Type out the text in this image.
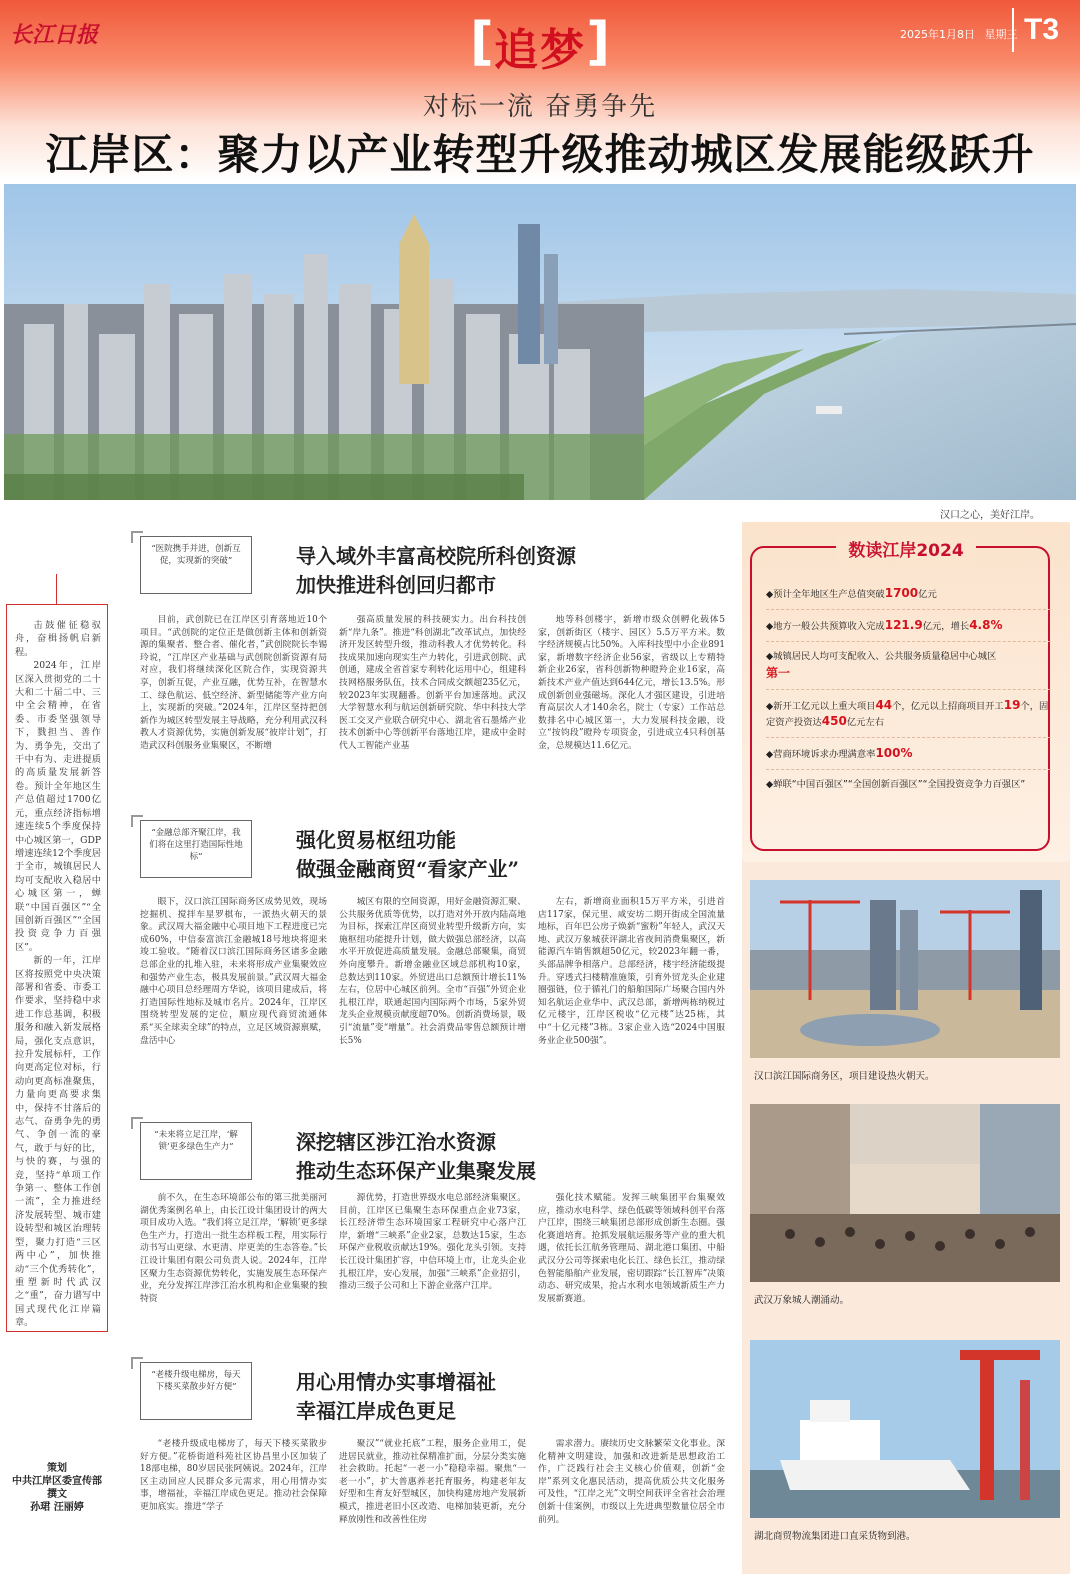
长江日报	[ 追梦 ]	2025年1月8日 星期三 T3
对标一流 奋勇争先
江岸区：聚力以产业转型升级推动城区发展能级跃升
汉口之心，美好江岸。

击鼓催征稳驭舟，奋楫扬帆启新程。

2024年，江岸区深入贯彻党的二十大和二十届二中、三中全会精神，在省委、市委坚强领导下，戮担当、善作为、勇争先，交出了干中有为、走进提质的高质量发展新答卷。预计全年地区生产总值超过1700亿元，重点经济指标增速连续5个季度保持中心城区第一，GDP增速连续12个季度居于全市，城镇居民人均可支配收入稳居中心城区第一，蝉联“中国百强区”“全国创新百强区”“全国投资竞争力百强区”。

新的一年，江岸区将按照党中央决策部署和省委、市委工作要求，坚持稳中求进工作总基调，积极服务和融入新发展格局，强化支点意识，拉升发展标杆，工作向更高定位对标，行动向更高标准聚焦，力量向更高要求集中，保持不甘落后的志气、奋勇争先的勇气、争创一流的豪气，敢于与好的比，与快的赛，与强的竞，坚持“单项工作争第一、整体工作创一流”，全力推进经济发展转型、城市建设转型和城区治理转型，聚力打造“三区两中心”，加快推动“三个优秀转化”，重塑新时代武汉之“重”，奋力谱写中国式现代化江岸篇章。

策划
中共江岸区委宣传部
撰文
孙珺 汪丽婷
“医院携手并进，创新互促，实现新的突破”	导入域外丰富高校院所科创资源
加快推进科创回归都市

目前，武创院已在江岸区引育落地近10个项目。“武创院的定位正是做创新主体和创新资源的集聚者、整合者、催化者，”武创院院长李锡玲说，“江岸区产业基础与武创院创新资源有局对应，我们将继续深化区院合作，实现资源共享，创新互促，产业互融，优势互补，在智慧水工、绿色航运、低空经济、新型储能等产业方向上，实现新的突破。”2024年，江岸区坚持把创新作为城区转型发展主导战略，充分利用武汉科教人才资源优势，实施创新发展“彼岸计划”，打造武汉科创服务业集聚区，不断增

强高质量发展的科技硬实力。出台科技创新“岸九条”。推进“科创湖北”改革试点，加快经济开发区转型升级，推动科教人才优势转化。科技成果加速向现实生产力转化，引进武创院、武创通，建成全省首家专利转化运用中心，组建科技网格服务队伍，技术合同成交额超235亿元，较2023年实现翻番。创新平台加速落地。武汉大学智慧水利与航运创新研究院、华中科技大学医工交叉产业联合研究中心、湖北省石墨烯产业技术创新中心等创新平台落地江岸，建成中金时代人工智能产业基

地等科创楼宇，新增市级众创孵化载体5家，创新街区（楼宇、园区）5.5万平方米。数字经济规模占比50%。入库科技型中小企业891家，新增数字经济企业56家，省级以上专精特新企业26家，省科创新物种瞪羚企业16家，高新技术产业产值达到644亿元，增长13.5%。形成创新创业强磁场。深化人才强区建设，引进培育高层次人才140余名，院士（专家）工作站总数排名中心城区第一，大力发展科技金融，设立“按钧段”瞪羚专项资金，引进成立4只科创基金，总规模达11.6亿元。

“金融总部齐聚江岸，我们将在这里打造国际性地标”
强化贸易枢纽功能
做强金融商贸“看家产业”

眼下，汉口滨江国际商务区成势见效，现场挖掘机、搅拌车星罗棋布，一派热火朝天的景象。武汉周大福金融中心项目地下工程进度已完成60%，中信泰富滨江金融城18号地块将迎来竣工验收。“随着汉口滨江国际商务区诸多金融总部企业的扎堆入驻，未来将形成产业集聚效应和强势产业生态，极具发展前景。”武汉周大福金融中心项目总经理周方华说，该项目建成后，将打造国际性地标及城市名片。2024年，江岸区围绕转型发展的定位，顺应现代商贸流通体系“买全球卖全球”的特点，立足区域资源禀赋，盘活中心

城区有限的空间资源，用好金融资源汇聚、公共服务优质等优势，以打造对外开放内陆高地为目标，探索江岸区商贸业转型升级新方向，实施枢纽功能提升计划，做大做强总部经济，以高水平开放促进高质量发展。金融总部聚集，商贸外向度攀升。新增金融业区域总部机构10家，总数达到110家。外贸进出口总额预计增长11%左右，位居中心城区前列。全市“百强”外贸企业扎根江岸，联通起国内国际两个市场，5家外贸龙头企业规模贡献度超70%。创新消费场景，吸引“流量”变“增量”。社会消费品零售总额预计增长5%

左右，新增商业面积15万平方米，引进首店117家，保元里、咸安坊二期开街成全国流量地标，百年巴公房子焕新“蜜粉”年轻人，武汉天地、武汉万象城获评湖北省夜间消费集聚区，新能源汽车销售额超50亿元，较2023年翻一番，头部品牌争相落户。总部经济，楼宇经济能级提升。穿透式扫楼精准施策，引育外贸龙头企业建圈强链，位于循礼门的船舶国际广场聚合国内外知名航运企业华中、武汉总部，新增两栋纳税过亿元楼宇，江岸区税收“亿元楼”达25栋，其中“十亿元楼”3栋。3家企业入选“2024中国服务业企业500强”。

“未来将立足江岸，‘解锁’更多绿色生产力”	深挖辖区涉江治水资源
推动生态环保产业集聚发展

前不久，在生态环境部公布的第三批美丽河湖优秀案例名单上，由长江设计集团设计的两大项目成功入选。“我们将立足江岸，‘解锁’更多绿色生产力，打造出一批生态样板工程，用实际行动书写山更绿、水更清、岸更美的生态答卷。”长江设计集团有限公司负责人说。2024年，江岸区聚力生态资源优势转化，实施发展生态环保产业，充分发挥江岸涉江治水机构和企业集聚的独特资

源优势，打造世界级水电总部经济集聚区。目前，江岸区已集聚生态环保重点企业73家，长江经济带生态环境国家工程研究中心落户江岸，新增“三峡系”企业2家，总数达15家，生态环保产业税收贡献达19%。强化龙头引领。支持长江设计集团扩容，中信环境上市，让龙头企业扎根江岸，安心发展，加强“三峡系”企业招引，推动三级子公司和上下游企业落户江岸。

强化技术赋能。发挥三峡集团平台集聚效应，推动水电科学、绿色低碳等领域科创平台落户江岸，围绕三峡集团总部形成创新生态圈。强化赛道培育。抢抓发展航运服务等产业的重大机遇，依托长江航务管理局、湖北港口集团、中船武汉分公司等探索电化长江、绿色长江，推动绿色智能船舶产业发展，密切跟踪“长江智库”决策动态、研究成果，抢占水利水电领域新质生产力发展新赛道。

“老楼升级电梯房，每天下楼买菜散步好方便”	用心用情办实事增福祉
幸福江岸成色更足

“老楼升级成电梯房了，每天下楼买菜散步好方便。”花桥街道科苑社区协昌里小区加装了18部电梯，80岁居民张阿姨说。2024年，江岸区主动回应人民群众多元需求，用心用情办实事，增福祉，幸福江岸成色更足。推动社会保障更加底实。推进“学子

聚汉”“就业托底”工程，服务企业用工，促进居民就业，推动社保精准扩面，分层分类实施社会救助。托起“一老一小”稳稳幸福。聚焦“一老一小”，扩大普惠养老托育服务，构建老年友好型和生育友好型城区，加快构建房地产发展新模式，推进老旧小区改造、电梯加装更新，充分释放刚性和改善性住房

需求潜力。赓续历史文脉繁荣文化事业。深化精神文明建设，加强和改进新是思想政治工作，广泛践行社会主义核心价值观，创新“金岸”系列文化惠民活动，提高优质公共文化服务可及性，“江岸之光”文明空间获评全省社会治理创新十佳案例，市级以上先进典型数量位居全市前列。

数读江岸2024
◆预计全年地区生产总值突破1700亿元
◆地方一般公共预算收入完成121.9亿元，增长4.8%
◆城镇居民人均可支配收入、公共服务质量稳居中心城区
第一
◆新开工亿元以上重大项目44个，亿元以上招商项目开工19个，固定资产投资达450亿元左右
◆营商环境诉求办理满意率100%
◆蝉联“中国百强区”“全国创新百强区”“全国投资竞争力百强区”
汉口滨江国际商务区，项目建设热火朝天。
武汉万象城人潮涌动。
湖北商贸物流集团进口直采货物到港。
